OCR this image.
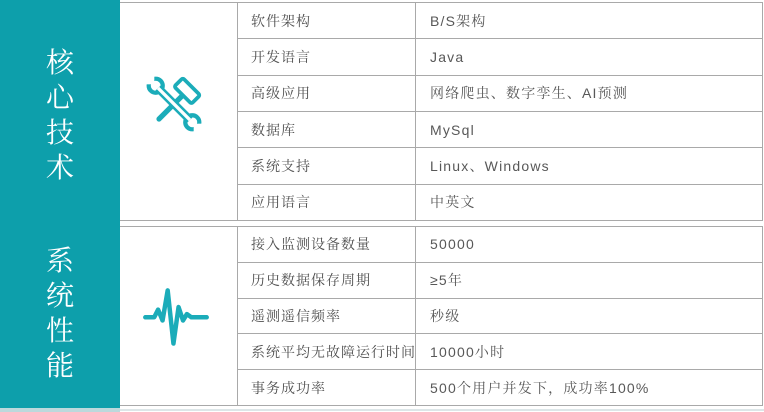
核
心
技
术
系
统
性
能
软件架构	B/S架构
开发语言	Java
高级应用	网络爬虫、数字孪生、AI预测
数据库	MySql
系统支持	Linux、Windows
应用语言	中英文
接入监测设备数量	50000
历史数据保存周期	≥5年
遥测遥信频率	秒级
系统平均无故障运行时间	10000小时
事务成功率	500个用户并发下，成功率100%
